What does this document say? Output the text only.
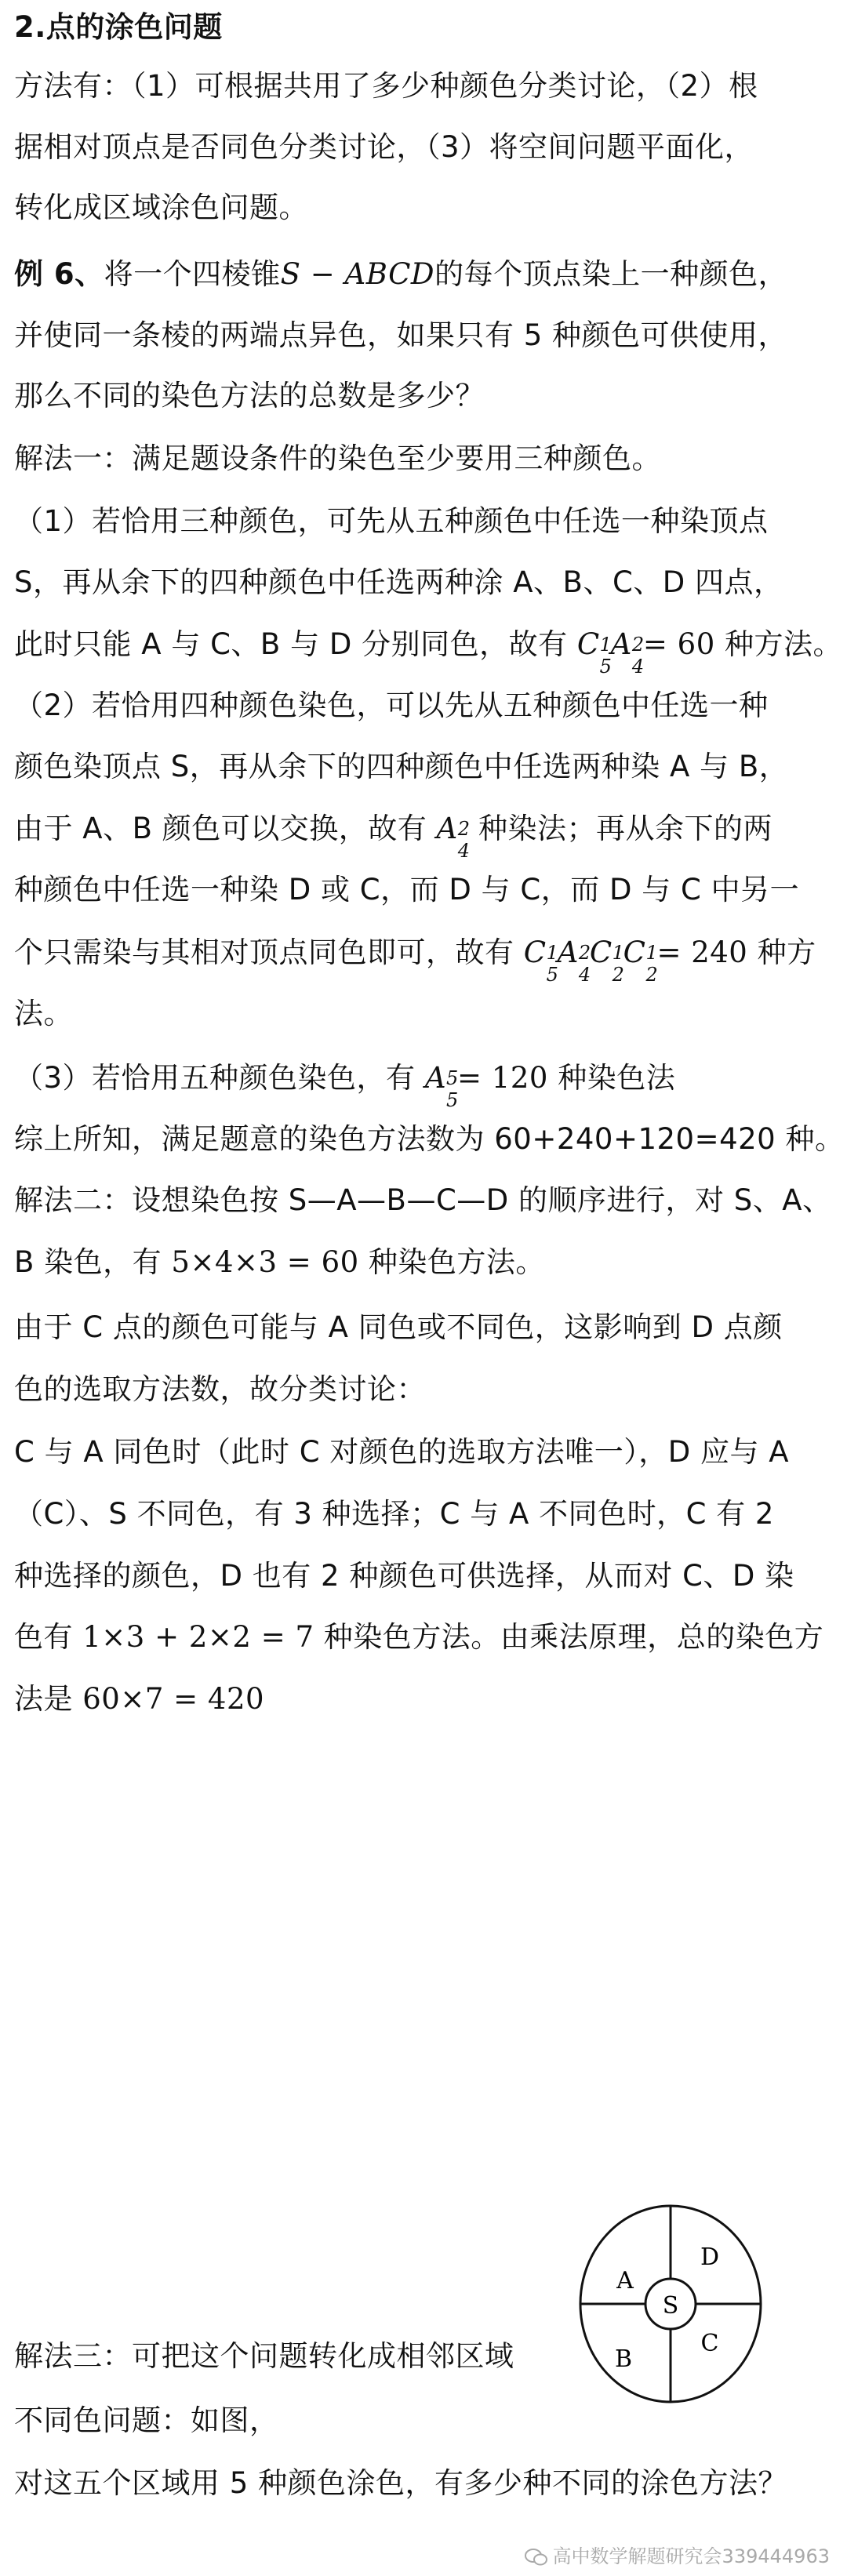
2.点的涂色问题
方法有：（1）可根据共用了多少种颜色分类讨论，（2）根
据相对顶点是否同色分类讨论，（3）将空间问题平面化，
转化成区域涂色问题。
例 6、将一个四棱锥S − ABCD的每个顶点染上一种颜色，
并使同一条棱的两端点异色，如果只有 5 种颜色可供使用，
那么不同的染色方法的总数是多少？
解法一：满足题设条件的染色至少要用三种颜色。
（1）若恰用三种颜色，可先从五种颜色中任选一种染顶点
S，再从余下的四种颜色中任选两种涂 A、B、C、D 四点，
此时只能 A 与 C、B 与 D 分别同色，故有 C 1
5
A 2
4
= 60 种方法。
（2）若恰用四种颜色染色，可以先从五种颜色中任选一种
颜色染顶点 S，再从余下的四种颜色中任选两种染 A 与 B，
由于 A、B 颜色可以交换，故有 A 2
4
种染法；再从余下的两
种颜色中任选一种染 D 或 C，而 D 与 C，而 D 与 C 中另一
个只需染与其相对顶点同色即可，故有 C 1
5
A 2
4
C 1
2
C 1
2
= 240 种方
法。
（3）若恰用五种颜色染色，有 A 5
5
= 120 种染色法
综上所知，满足题意的染色方法数为 60+240+120=420 种。
解法二：设想染色按 S—A—B—C—D 的顺序进行，对 S、A、
B 染色，有 5×4×3 = 60 种染色方法。
由于 C 点的颜色可能与 A 同色或不同色，这影响到 D 点颜
色的选取方法数，故分类讨论：
C 与 A 同色时（此时 C 对颜色的选取方法唯一），D 应与 A
（C）、S 不同色，有 3 种选择；C 与 A 不同色时，C 有 2
种选择的颜色，D 也有 2 种颜色可供选择，从而对 C、D 染
色有 1×3 + 2×2 = 7 种染色方法。由乘法原理，总的染色方
法是 60×7 = 420
解法三：可把这个问题转化成相邻区域
不同色问题：如图，
对这五个区域用 5 种颜色涂色，有多少种不同的涂色方法？
S
A
D
B
C
高中数学解题研究会339444963
